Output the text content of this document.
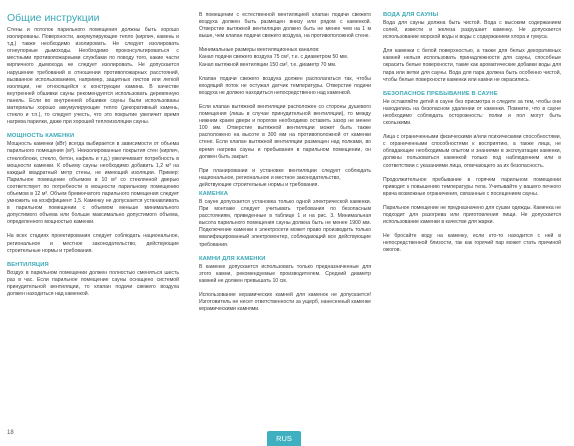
Общие инструкции

Стены и потолок парильного помещения должны быть хорошо изолированы. Поверхности, аккумулирующие тепло (кирпич, камень и т.д.) также необходимо изолировать. Не следует изолировать огнеупорные дымоходы. Необходимо проконсультироваться с местными противопожарными службами по поводу того, какие части кирпичного дымохода не следует изолировать. Не допускается нарушение требований в отношении противопожарных расстояний, вызванное использованием, например, защитных листов или легкой изоляции, не относящейся к конструкции камина. В качестве внутренней обшивки сауны рекомендуется использовать деревянную панель. Если во внутренней обшивке сауны были использованы материалы хорошо аккумулирующие тепло (декоративный камень, стекло и т.п.), то следует учесть, что это покрытие увеличит время нагрева парилки, даже при хорошей теплоизоляции сауны.

МОЩНОСТЬ КАМЕНКИ

Мощность каменки (кВт) всегда выбирается в зависимости от объема парильного помещения (м³). Неизолированные покрытия стен (кирпич, стеклоблоки, стекло, бетон, кафель и т.д.) увеличивают потребность в мощности каменки. К объему сауны необходимо добавить 1,2 м³ на каждый квадратный метр стены, не имеющий изоляции. Пример: Парильное помещение объемом в 10 м³ со стеклянной дверью соответствует по потребности в мощности парильному помещению объемом в 12 м³. Объем бревенчатого парильного помещения следует умножить на коэффициент 1,5. Каменку не допускается устанавливать в парильном помещении с объемом меньше минимального допустимого объема или больше максимально допустимого объема, определенного мощностью каменки.

На всех стадиях проектирования следует соблюдать национальное, региональное и местное законодательство, действующие строительные нормы и требования.

ВЕНТИЛЯЦИЯ

Воздух в парильном помещении должен полностью сменяться шесть раз в час. Если парильное помещение сауны оснащено системой принудительной вентиляции, то клапан подачи свежего воздуха должен находиться над каменкой.

В помещении с естественной вентиляцией клапан подачи свежего воздуха должен быть размещен внизу или рядом с каменкой. Отверстие вытяжной вентиляции должно быть не менее чем на 1 м выше, чем клапан подачи свежего воздуха, на противоположной стене.

Минимальные размеры вентиляционных каналов:
Канал подачи свежего воздуха 75 см², т.е. с диаметром 50 мм.
Канал вытяжной вентиляции 150 см², т.е. диаметр 70 мм.

Клапан подачи свежего воздуха должен располагаться так, чтобы входящий поток не остужал датчик температуры. Отверстие подачи воздуха не должно находиться непосредственно над каменкой.

Если клапан вытяжной вентиляции расположен со стороны душевого помещения (лишь в случае принудительной вентиляции), то между нижним краем двери и порогом необходимо оставить зазор не менее 100 мм. Отверстие вытяжной вентиляции может быть также расположено на высоте в 300 мм на противоположной от каменки стене. Если клапан вытяжной вентиляции размещен над полками, во время нагрева сауны и пребывания в парильном помещении, он должен быть закрыт.

При планировании и установке вентиляции следует соблюдать национальное, региональное и местное законодательство,

действующие строительные нормы и требования.

КАМЕНКА

В сауне допускается установка только одной электрической каменки. При монтаже следует учитывать требования по безопасным расстояниям, приведенные в таблице 1 и на рис. 3. Минимальная высота парильного помещения сауны должна быть не менее 1900 мм. Подключение каменки к электросети может право производить только квалифицированный электромонтер, соблюдающий все действующие требования.

КАМНИ ДЛЯ КАМЕНКИ

В каменке допускается использовать только предназначенные для этого камни, рекомендуемые производителем. Средний диаметр камней не должен превышать 10 см.

Использование керамических камней для каменок не допускается! Изготовитель не несет ответственности за ущерб, нанесенный каменке керамическими камнями.

ВОДА ДЛЯ САУНЫ

Вода для сауны должна быть чистой. Вода с высоким содержанием солей, извести и железа разрушает каменку. Не допускается использование морской воды и воды с содержанием хлора и гумуса.

Для каменки с белой поверхностью, а также для белых декоративных камней нельзя использовать принадлежности для сауны, способные окрасить белые поверхности, такие как ароматические добавки воды для пара или ветки для сауны. Вода для пара должна быть особенно чистой, чтобы белые поверхности каменки или камни не окрасились.

БЕЗОПАСНОЕ ПРЕБЫВАНИЕ В САУНЕ

Не оставляйте детей в сауне без присмотра и следите за тем, чтобы они находились на безопасном удалении от каменки. Помните, что в сауне необходимо соблюдать осторожность: полки и пол могут быть скользкими.

Лица с ограниченными физическими и/или психическими способностями, с ограниченными способностями к восприятию, а также лица, не обладающие необходимым опытом и знаниями в эксплуатации каменки, должны пользоваться каменкой только под наблюдением или в соответствии с указаниями лица, отвечающего за их безопасность.

Продолжительное пребывание в горячем парильном помещении приводит к повышению температуры тела. Учитывайте у вашего печного врача возможные ограничения, связанные с посещением сауны.

Парильное помещение не предназначено для сушки одежды. Каменка не подходит для разогрева или приготовления пищи. Не допускается использование каменки в качестве для жарки.

Не бросайте воду на каменку, если кто-то находится с ней в непосредственной близости, так как горячий пар может стать причиной ожогов.

18
RUS
